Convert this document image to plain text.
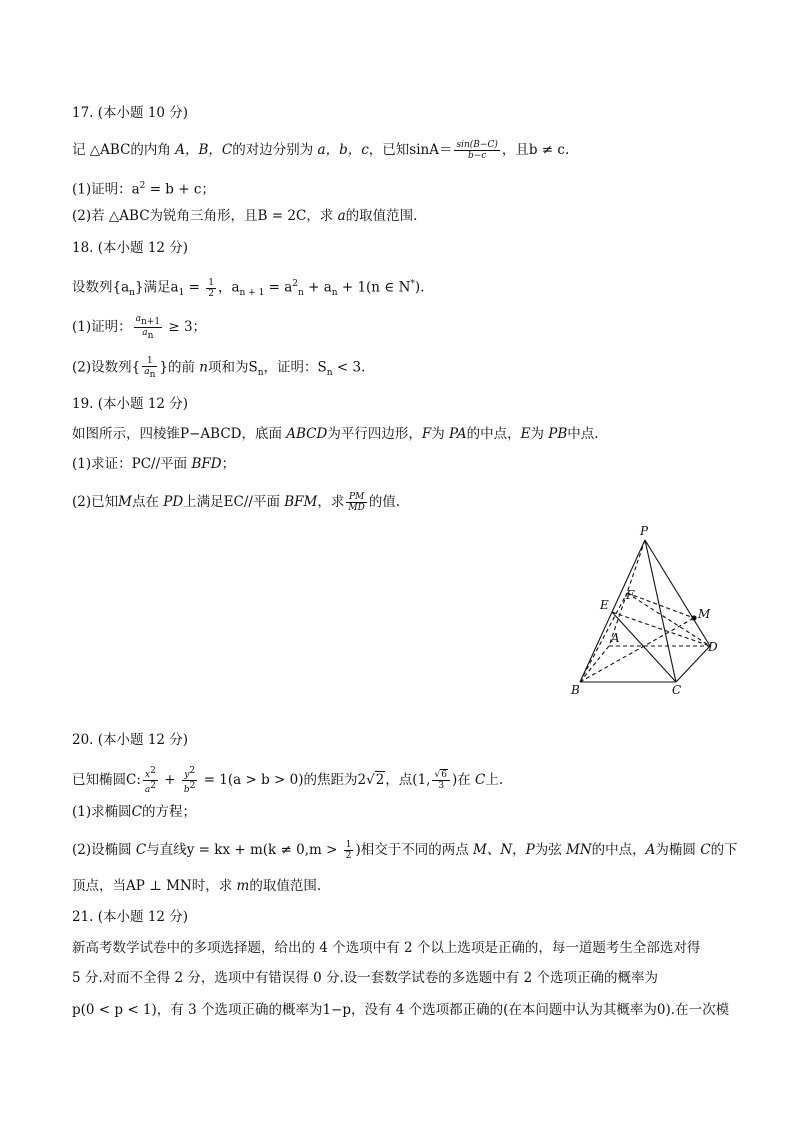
17. (本小题 10 分)
记 △ABC的内角 A，B，C的对边分别为 a，b，c，已知$\sin A= \frac{\sin(B-C)}{b-c}$ ，且b ≠ c.
(1)证明：$a^2 = b + c$；
(2)若 △ABC为锐角三角形，且B = 2C，求 a的取值范围.
18. (本小题 12 分)
设数列$\{a_n\}$满足$a_1 = \frac{1}{2}$ ，$a_{n + 1} = a^2_n + a_n + 1(n$ ∈ N*).
(1)证明： $\frac{a_{n+1}}{a_n} \ge 3$；
(2)设数列{ $\frac{1}{a_n}$ }的前 n项和为$S_n$，证明：$S_n < 3$.
19. (本小题 12 分)
如图所示，四棱锥P−ABCD，底面 ABCD为平行四边形，F为 PA的中点，E为 PB中点.
(1)求证：PC//平面 BFD；
(2)已知M点在 PD上满足EC//平面 BFM，求 $\frac{PM}{MD}$ 的值.
P
E
F
M
A
D
B	C
20. (本小题 12 分)
已知椭圆C: $\frac{x^2}{a^2} + \frac{y^2}{b^2} = 1(a > b > 0)$的焦距为2√2，点(1, $\frac{√6}{3}$ )在 C上.
(1)求椭圆C的方程；
(2)设椭圆 C与直线y = kx + $m(k \ne 0,m > \frac{1}{2}$ )相交于不同的两点 M、N，P为弦 MN的中点，A为椭圆 C的下
顶点，当AP ⊥ MN时，求 m的取值范围.
21. (本小题 12 分)
新高考数学试卷中的多项选择题，给出的 4 个选项中有 2 个以上选项是正确的，每一道题考生全部选对得
5 分.对而不全得 2 分，选项中有错误得 0 分.设一套数学试卷的多选题中有 2 个选项正确的概率为
p(0 < p < 1)，有 3 个选项正确的概率为1−p，没有 4 个选项都正确的(在本问题中认为其概率为0).在一次模
